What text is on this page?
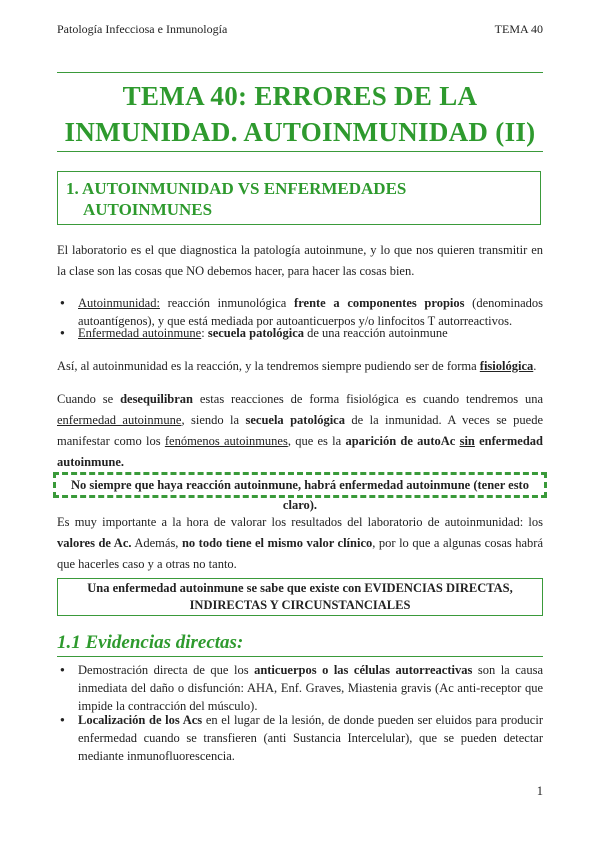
Patología Infecciosa e Inmunología	TEMA 40
TEMA 40: ERRORES DE LA
INMUNIDAD. AUTOINMUNIDAD (II)
1. AUTOINMUNIDAD VS ENFERMEDADES
AUTOINMUNES

El laboratorio es el que diagnostica la patología autoinmune, y lo que nos quieren transmitir en la clase son las cosas que NO debemos hacer, para hacer las cosas bien.

● Autoinmunidad: reacción inmunológica frente a componentes propios (denominados autoantígenos), y que está mediada por autoanticuerpos y/o linfocitos T autorreactivos.

● Enfermedad autoinmune: secuela patológica de una reacción autoinmune

Así, al autoinmunidad es la reacción, y la tendremos siempre pudiendo ser de forma fisiológica.

Cuando se desequilibran estas reacciones de forma fisiológica es cuando tendremos una enfermedad autoinmune, siendo la secuela patológica de la inmunidad. A veces se puede manifestar como los fenómenos autoinmunes, que es la aparición de autoAc sin enfermedad autoinmune.

No siempre que haya reacción autoinmune, habrá enfermedad autoinmune (tener esto claro).

Es muy importante a la hora de valorar los resultados del laboratorio de autoinmunidad: los valores de Ac. Además, no todo tiene el mismo valor clínico, por lo que a algunas cosas habrá que hacerles caso y a otras no tanto.

Una enfermedad autoinmune se sabe que existe con EVIDENCIAS DIRECTAS,
INDIRECTAS Y CIRCUNSTANCIALES
1.1 Evidencias directas:

● Demostración directa de que los anticuerpos o las células autorreactivas son la causa inmediata del daño o disfunción: AHA, Enf. Graves, Miastenia gravis (Ac anti-receptor que impide la contracción del músculo).

● Localización de los Acs en el lugar de la lesión, de donde pueden ser eluidos para producir enfermedad cuando se transfieren (anti Sustancia Intercelular), que se pueden detectar mediante inmunofluorescencia.

1
